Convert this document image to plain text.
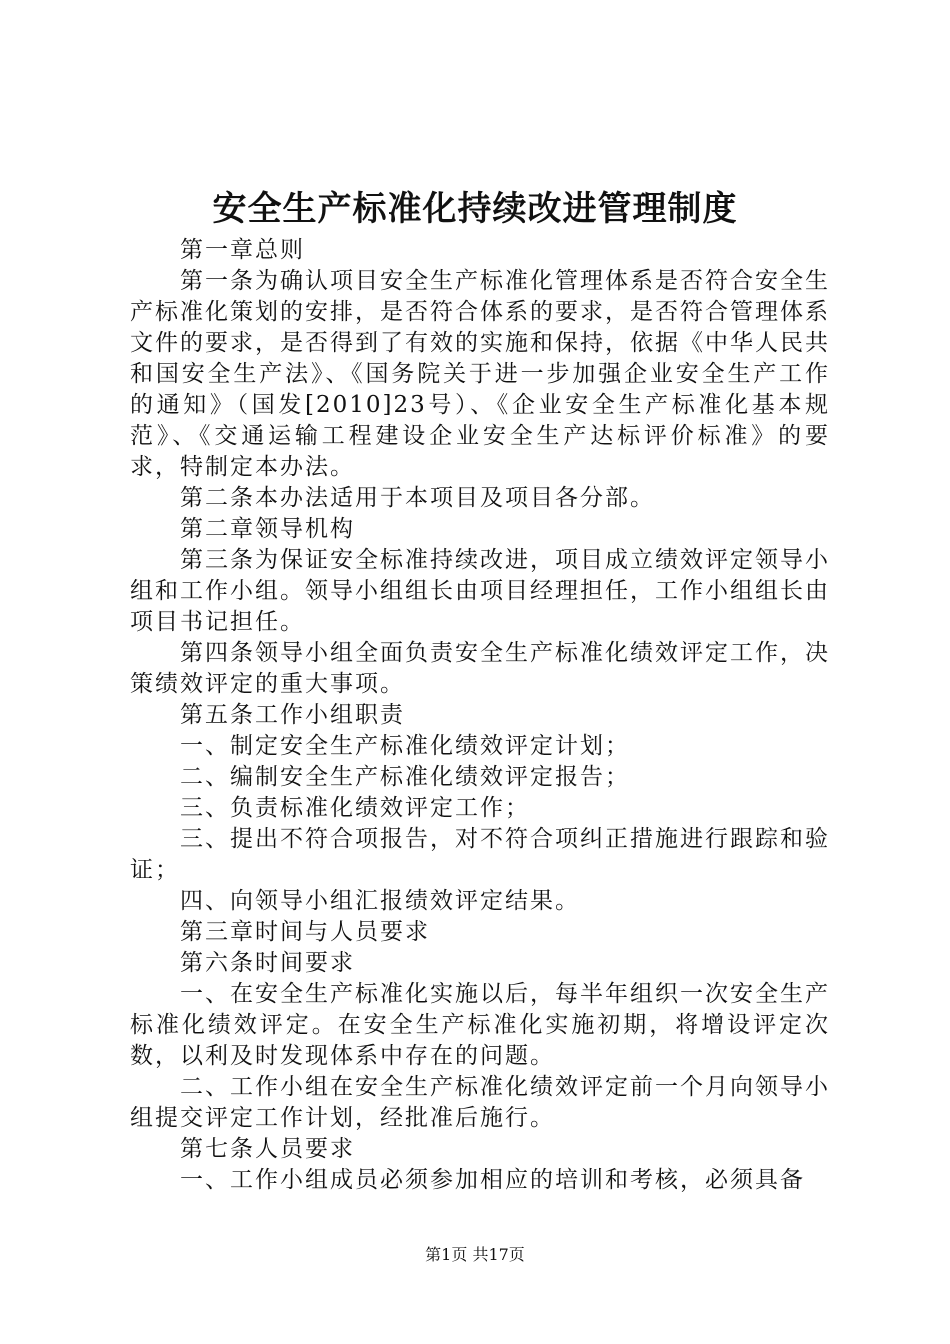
安全生产标准化持续改进管理制度

第一章总则

第一条为确认项目安全生产标准化管理体系是否符合安全生产标准化策划的安排，是否符合体系的要求，是否符合管理体系文件的要求，是否得到了有效的实施和保持，依据《中华人民共和国安全生产法》、《国务院关于进一步加强企业安全生产工作的通知》（国发[2010]23号）、《企业安全生产标准化基本规范》、《交通运输工程建设企业安全生产达标评价标准》的要求，特制定本办法。

第二条本办法适用于本项目及项目各分部。

第二章领导机构

第三条为保证安全标准持续改进，项目成立绩效评定领导小组和工作小组。领导小组组长由项目经理担任，工作小组组长由项目书记担任。

第四条领导小组全面负责安全生产标准化绩效评定工作，决策绩效评定的重大事项。

第五条工作小组职责

一、制定安全生产标准化绩效评定计划；

二、编制安全生产标准化绩效评定报告；

三、负责标准化绩效评定工作；

三、提出不符合项报告，对不符合项纠正措施进行跟踪和验证；

四、向领导小组汇报绩效评定结果。

第三章时间与人员要求

第六条时间要求

一、在安全生产标准化实施以后，每半年组织一次安全生产标准化绩效评定。在安全生产标准化实施初期，将增设评定次数，以利及时发现体系中存在的问题。

二、工作小组在安全生产标准化绩效评定前一个月向领导小组提交评定工作计划，经批准后施行。

第七条人员要求

一、工作小组成员必须参加相应的培训和考核，必须具备

第1页 共17页
